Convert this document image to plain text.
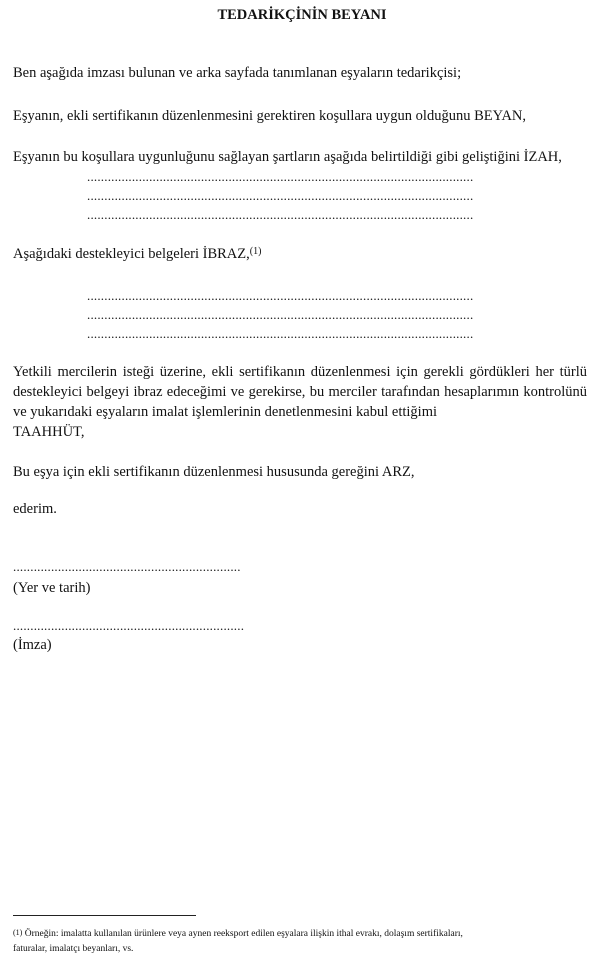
TEDARİKÇİNİN BEYANI
Ben aşağıda imzası bulunan ve arka sayfada tanımlanan eşyaların tedarikçisi;
Eşyanın, ekli sertifikanın düzenlenmesini gerektiren koşullara uygun olduğunu BEYAN,
Eşyanın bu koşullara uygunluğunu sağlayan şartların aşağıda belirtildiği gibi geliştiğini İZAH,
................................................................................................................
................................................................................................................
................................................................................................................
Aşağıdaki destekleyici belgeleri İBRAZ,$^{(1)}$
................................................................................................................
................................................................................................................
................................................................................................................
Yetkili mercilerin isteği üzerine, ekli sertifikanın düzenlenmesi için gerekli gördükleri her türlü destekleyici belgeyi ibraz edeceğimi ve gerekirse, bu merciler tarafından hesaplarımın kontrolünü ve yukarıdaki eşyaların imalat işlemlerinin denetlenmesini kabul ettiğimi
TAAHHÜT,
Bu eşya için ekli sertifikanın düzenlenmesi hususunda gereğini ARZ,
ederim.
..................................................................
(Yer ve tarih)
...................................................................
(İmza)
$^{(1)}$ Örneğin: imalatta kullanılan ürünlere veya aynen reeksport edilen eşyalara ilişkin ithal evrakı, dolaşım sertifikaları,
faturalar, imalatçı beyanları, vs.
